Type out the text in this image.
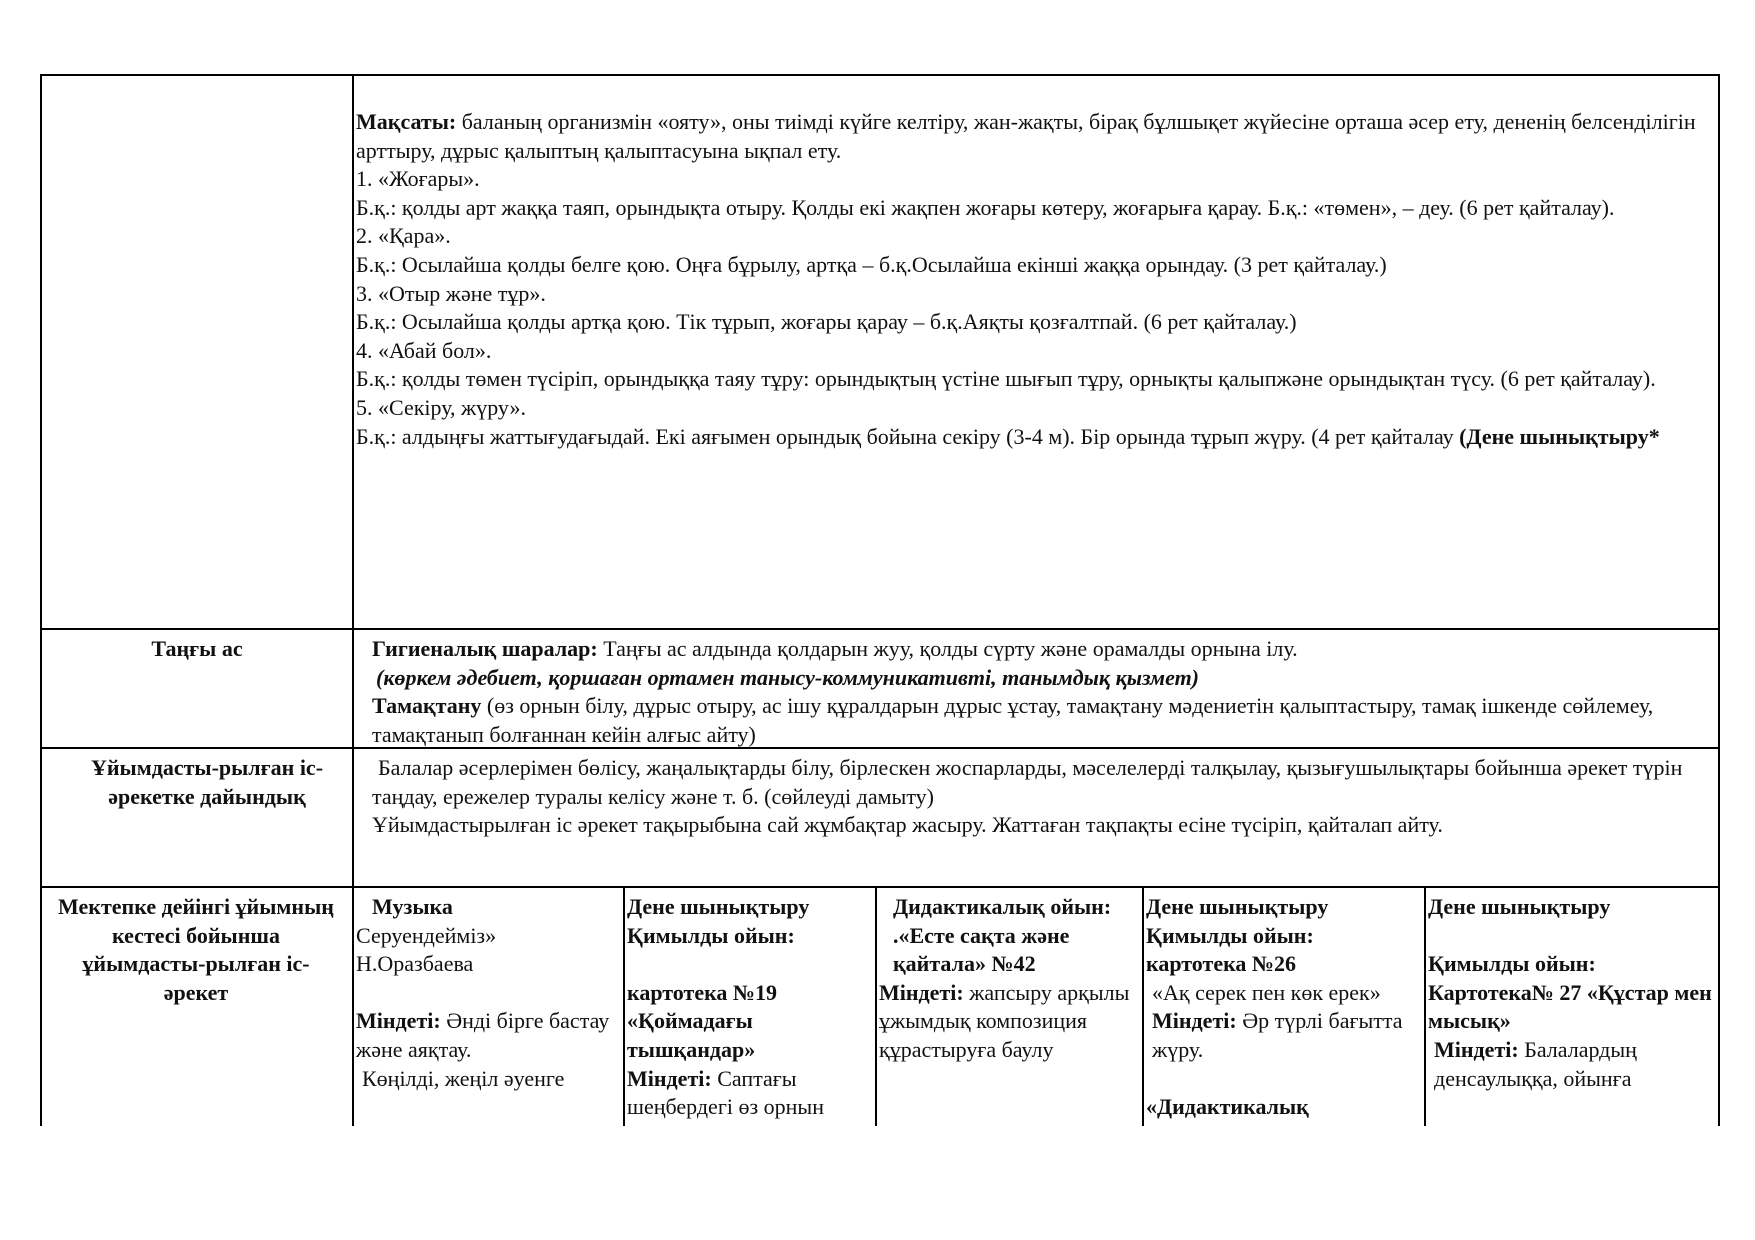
Мақсаты: баланың организмін «ояту», оны тиімді күйге келтіру, жан-жақты, бірақ бұлшықет жүйесіне орташа әсер ету, дененің белсенділігін арттыру, дұрыс қалыптың қалыптасуына ықпал ету.

1. «Жоғары».

Б.қ.: қолды арт жаққа таяп, орындықта отыру. Қолды екі жақпен жоғары көтеру, жоғарыға қарау. Б.қ.: «төмен», – деу. (6 рет қайталау).

2. «Қара».

Б.қ.: Осылайша қолды белге қою. Оңға бұрылу, артқа – б.қ.Осылайша екінші жаққа орындау. (3 рет қайталау.)

3. «Отыр және тұр».

Б.қ.: Осылайша қолды артқа қою. Тік тұрып, жоғары қарау – б.қ.Аяқты қозғалтпай. (6 рет қайталау.)

4. «Абай бол».

Б.қ.: қолды төмен түсіріп, орындыққа таяу тұру: орындықтың үстіне шығып тұру, орнықты қалыпжәне орындықтан түсу. (6 рет қайталау).

5. «Секіру, жүру».

Б.қ.: алдыңғы жаттығудағыдай. Екі аяғымен орындық бойына секіру (3-4 м). Бір орында тұрып жүру. (4 рет қайталау (Дене шынықтыру*

Таңғы ас	Гигиеналық шаралар: Таңғы ас алдында қолдарын жуу, қолды сүрту және орамалды орнына ілу.

(көркем әдебиет, қоршаған ортамен танысу-коммуникативті, танымдық қызмет)

Тамақтану (өз орнын білу, дұрыс отыру, ас ішу құралдарын дұрыс ұстау, тамақтану мәдениетін қалыптастыру, тамақ ішкенде сөйлемеу, тамақтанып болғаннан кейін алғыс айту)

Ұйымдасты-рылған іс-әрекетке дайындық

Балалар әсерлерімен бөлісу, жаңалықтарды білу, бірлескен жоспарларды, мәселелерді талқылау, қызығушылықтары бойынша әрекет түрін таңдау, ережелер туралы келісу және т. б. (сөйлеуді дамыту)

Ұйымдастырылған іс әрекет тақырыбына сай жұмбақтар жасыру. Жаттаған тақпақты есіне түсіріп, қайталап айту.

Мектепке дейінгі ұйымның кестесі бойынша ұйымдасты-рылған іс-әрекет

Музыка

Серуендейміз»

Н.Оразбаева

Міндеті: Әнді бірге бастау және аяқтау.

Көңілді, жеңіл әуенге

Дене шынықтыру

Қимылды ойын:

картотека №19

«Қоймадағы тышқандар»

Міндеті: Саптағы шеңбердегі өз орнын

Дидактикалық ойын:

.«Есте сақта және қайтала» №42

Міндеті: жапсыру арқылы ұжымдық композиция құрастыруға баулу

Дене шынықтыру

Қимылды ойын:

картотека №26

«Ақ серек пен көк ерек»

Міндеті: Әр түрлі бағытта жүру.

«Дидактикалық

Дене шынықтыру

Қимылды ойын:

Картотека№ 27 «Құстар мен мысық»

Міндеті: Балалардың денсаулыққа, ойынға
